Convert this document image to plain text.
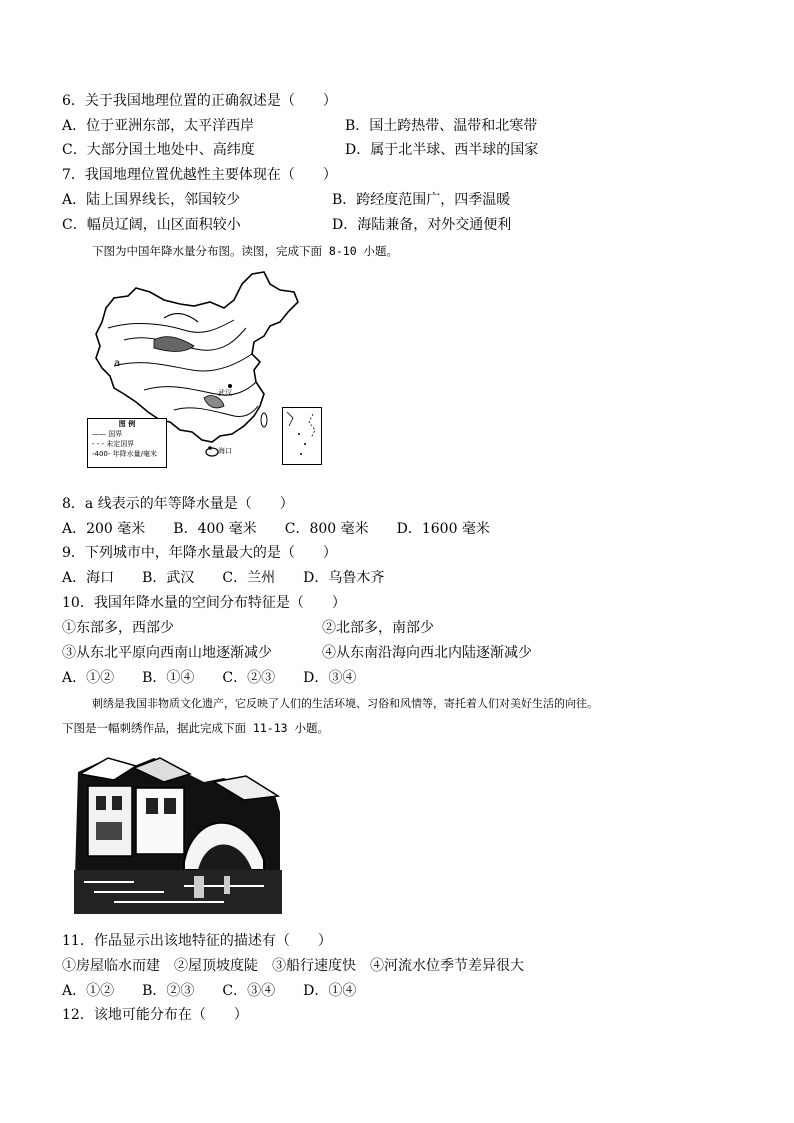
6．关于我国地理位置的正确叙述是（　　）
A．位于亚洲东部，太平洋西岸	B．国土跨热带、温带和北寒带
C．大部分国土地处中、高纬度	D．属于北半球、西半球的国家
7．我国地理位置优越性主要体现在（　　）
A．陆上国界线长，邻国较少	B．跨经度范围广，四季温暖
C．幅员辽阔，山区面积较小	D．海陆兼备，对外交通便利
下图为中国年降水量分布图。读图，完成下面 8-10 小题。
a
武汉
海口
图 例
—— 国界
- - - 未定国界
-400- 年降水量/毫米
8．a 线表示的年等降水量是（　　）
A．200 毫米　　B．400 毫米　　C．800 毫米　　D．1600 毫米
9．下列城市中，年降水量最大的是（　　）
A．海口　　B．武汉　　C．兰州　　D．乌鲁木齐
10．我国年降水量的空间分布特征是（　　）
①东部多，西部少	②北部多，南部少
③从东北平原向西南山地逐渐减少	④从东南沿海向西北内陆逐渐减少
A．①②　　B．①④　　C．②③　　D．③④
刺绣是我国非物质文化遗产，它反映了人们的生活环境、习俗和风情等，寄托着人们对美好生活的向往。
下图是一幅刺绣作品，据此完成下面 11-13 小题。
11．作品显示出该地特征的描述有（　　）
①房屋临水而建　②屋顶坡度陡　③船行速度快　④河流水位季节差异很大
A．①②　　B．②③　　C．③④　　D．①④
12．该地可能分布在（　　）
